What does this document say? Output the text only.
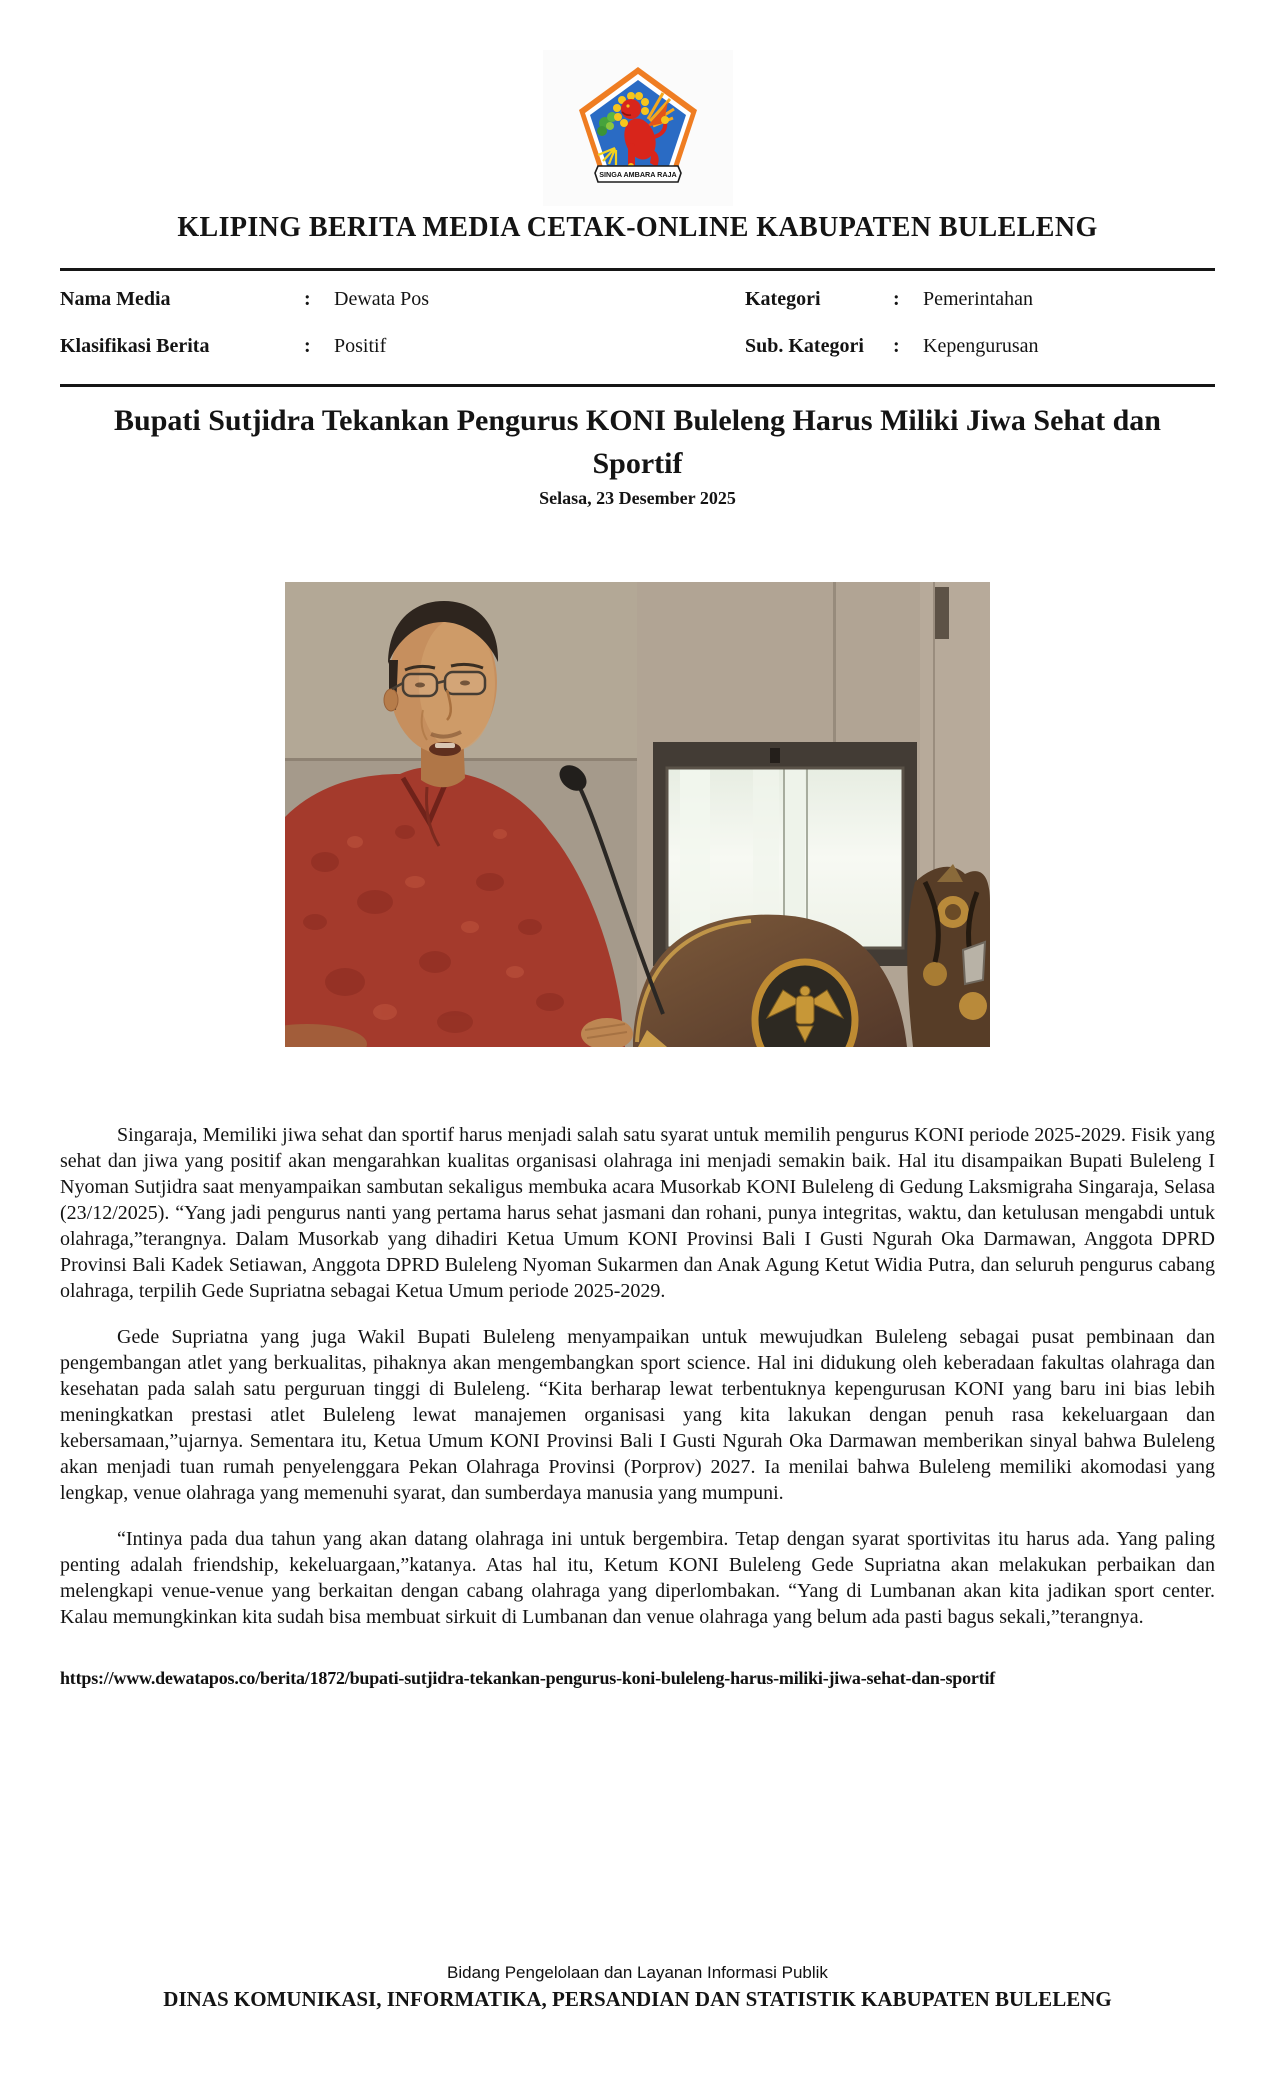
SINGA AMBARA RAJA
KLIPING BERITA MEDIA CETAK-ONLINE KABUPATEN BULELENG
Nama Media	:	Dewata Pos	Kategori	:	Pemerintahan
Klasifikasi Berita	:	Positif	Sub. Kategori	:	Kepengurusan
Bupati Sutjidra Tekankan Pengurus KONI Buleleng Harus Miliki Jiwa Sehat dan Sportif
Selasa, 23 Desember 2025

Singaraja, Memiliki jiwa sehat dan sportif harus menjadi salah satu syarat untuk memilih pengurus KONI periode 2025-2029. Fisik yang sehat dan jiwa yang positif akan mengarahkan kualitas organisasi olahraga ini menjadi semakin baik. Hal itu disampaikan Bupati Buleleng I Nyoman Sutjidra saat menyampaikan sambutan sekaligus membuka acara Musorkab KONI Buleleng di Gedung Laksmigraha Singaraja, Selasa (23/12/2025). “Yang jadi pengurus nanti yang pertama harus sehat jasmani dan rohani, punya integritas, waktu, dan ketulusan mengabdi untuk olahraga,”terangnya. Dalam Musorkab yang dihadiri Ketua Umum KONI Provinsi Bali I Gusti Ngurah Oka Darmawan, Anggota DPRD Provinsi Bali Kadek Setiawan, Anggota DPRD Buleleng Nyoman Sukarmen dan Anak Agung Ketut Widia Putra, dan seluruh pengurus cabang olahraga, terpilih Gede Supriatna sebagai Ketua Umum periode 2025-2029.

Gede Supriatna yang juga Wakil Bupati Buleleng menyampaikan untuk mewujudkan Buleleng sebagai pusat pembinaan dan pengembangan atlet yang berkualitas, pihaknya akan mengembangkan sport science. Hal ini didukung oleh keberadaan fakultas olahraga dan kesehatan pada salah satu perguruan tinggi di Buleleng. “Kita berharap lewat terbentuknya kepengurusan KONI yang baru ini bias lebih meningkatkan prestasi atlet Buleleng lewat manajemen organisasi yang kita lakukan dengan penuh rasa kekeluargaan dan kebersamaan,”ujarnya. Sementara itu, Ketua Umum KONI Provinsi Bali I Gusti Ngurah Oka Darmawan memberikan sinyal bahwa Buleleng akan menjadi tuan rumah penyelenggara Pekan Olahraga Provinsi (Porprov) 2027. Ia menilai bahwa Buleleng memiliki akomodasi yang lengkap, venue olahraga yang memenuhi syarat, dan sumberdaya manusia yang mumpuni.

“Intinya pada dua tahun yang akan datang olahraga ini untuk bergembira. Tetap dengan syarat sportivitas itu harus ada. Yang paling penting adalah friendship, kekeluargaan,”katanya. Atas hal itu, Ketum KONI Buleleng Gede Supriatna akan melakukan perbaikan dan melengkapi venue-venue yang berkaitan dengan cabang olahraga yang diperlombakan. “Yang di Lumbanan akan kita jadikan sport center. Kalau memungkinkan kita sudah bisa membuat sirkuit di Lumbanan dan venue olahraga yang belum ada pasti bagus sekali,”terangnya.

https://www.dewatapos.co/berita/1872/bupati-sutjidra-tekankan-pengurus-koni-buleleng-harus-miliki-jiwa-sehat-dan-sportif

Bidang Pengelolaan dan Layanan Informasi Publik

DINAS KOMUNIKASI, INFORMATIKA, PERSANDIAN DAN STATISTIK KABUPATEN BULELENG
